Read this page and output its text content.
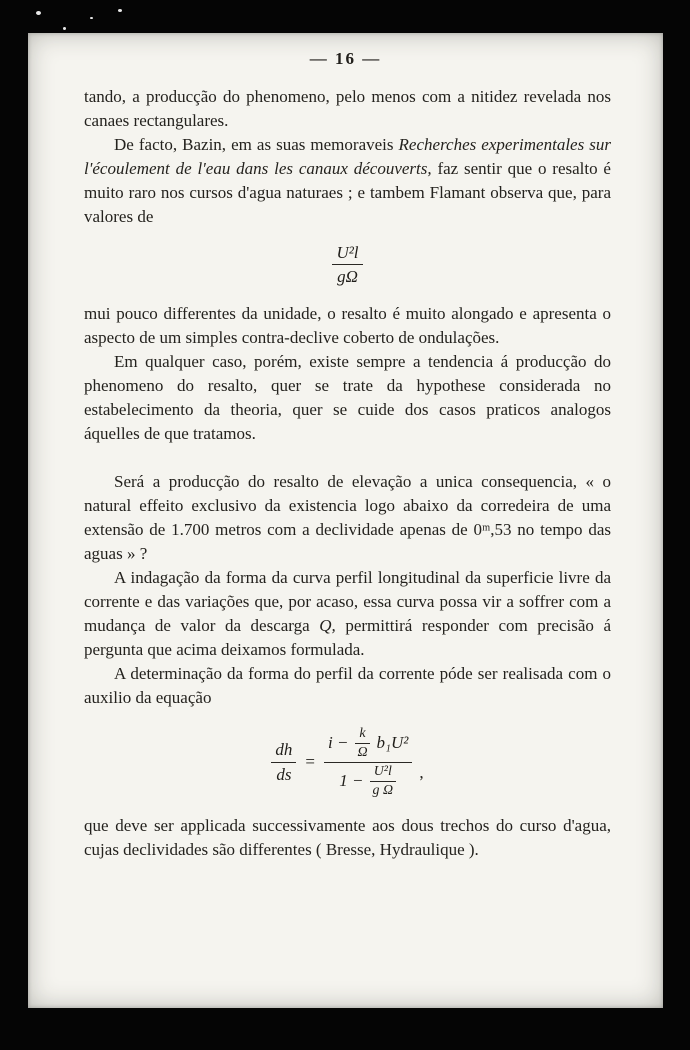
— 16 —

tando, a producção do phenomeno, pelo menos com a nitidez revelada nos canaes rectangulares.

De facto, Bazin, em as suas memoraveis Recherches experimentales sur l'écoulement de l'eau dans les canaux découverts, faz sentir que o resalto é muito raro nos cursos d'agua naturaes ; e tambem Flamant observa que, para valores de

$\frac{\text{U²l}}{g\Omega}$

mui pouco differentes da unidade, o resalto é muito alongado e apresenta o aspecto de um simples contra-declive coberto de ondulações.

Em qualquer caso, porém, existe sempre a tendencia á producção do phenomeno do resalto, quer se trate da hypothese considerada no estabelecimento da theoria, quer se cuide dos casos praticos analogos áquelles de que tratamos.

Será a producção do resalto de elevação a unica consequencia, « o natural effeito exclusivo da existencia logo abaixo da corredeira de uma extensão de 1.700 metros com a declividade apenas de 0ᵐ,53 no tempo das aguas » ?

A indagação da forma da curva perfil longitudinal da superficie livre da corrente e das variações que, por acaso, essa curva possa vir a soffrer com a mudança de valor da descarga Q, permittirá responder com precisão á pergunta que acima deixamos formulada.

A determinação da forma do perfil da corrente póde ser realisada com o auxilio da equação

$\frac{dh}{ds}$ =
$i - \frac{k}{\Omega} b_1U^2$
$1 - \frac{\text{U²l}}{\text{g Ω}}$ ,

que deve ser applicada successivamente aos dous trechos do curso d'agua, cujas declividades são differentes ( Bresse, Hydraulique ).
